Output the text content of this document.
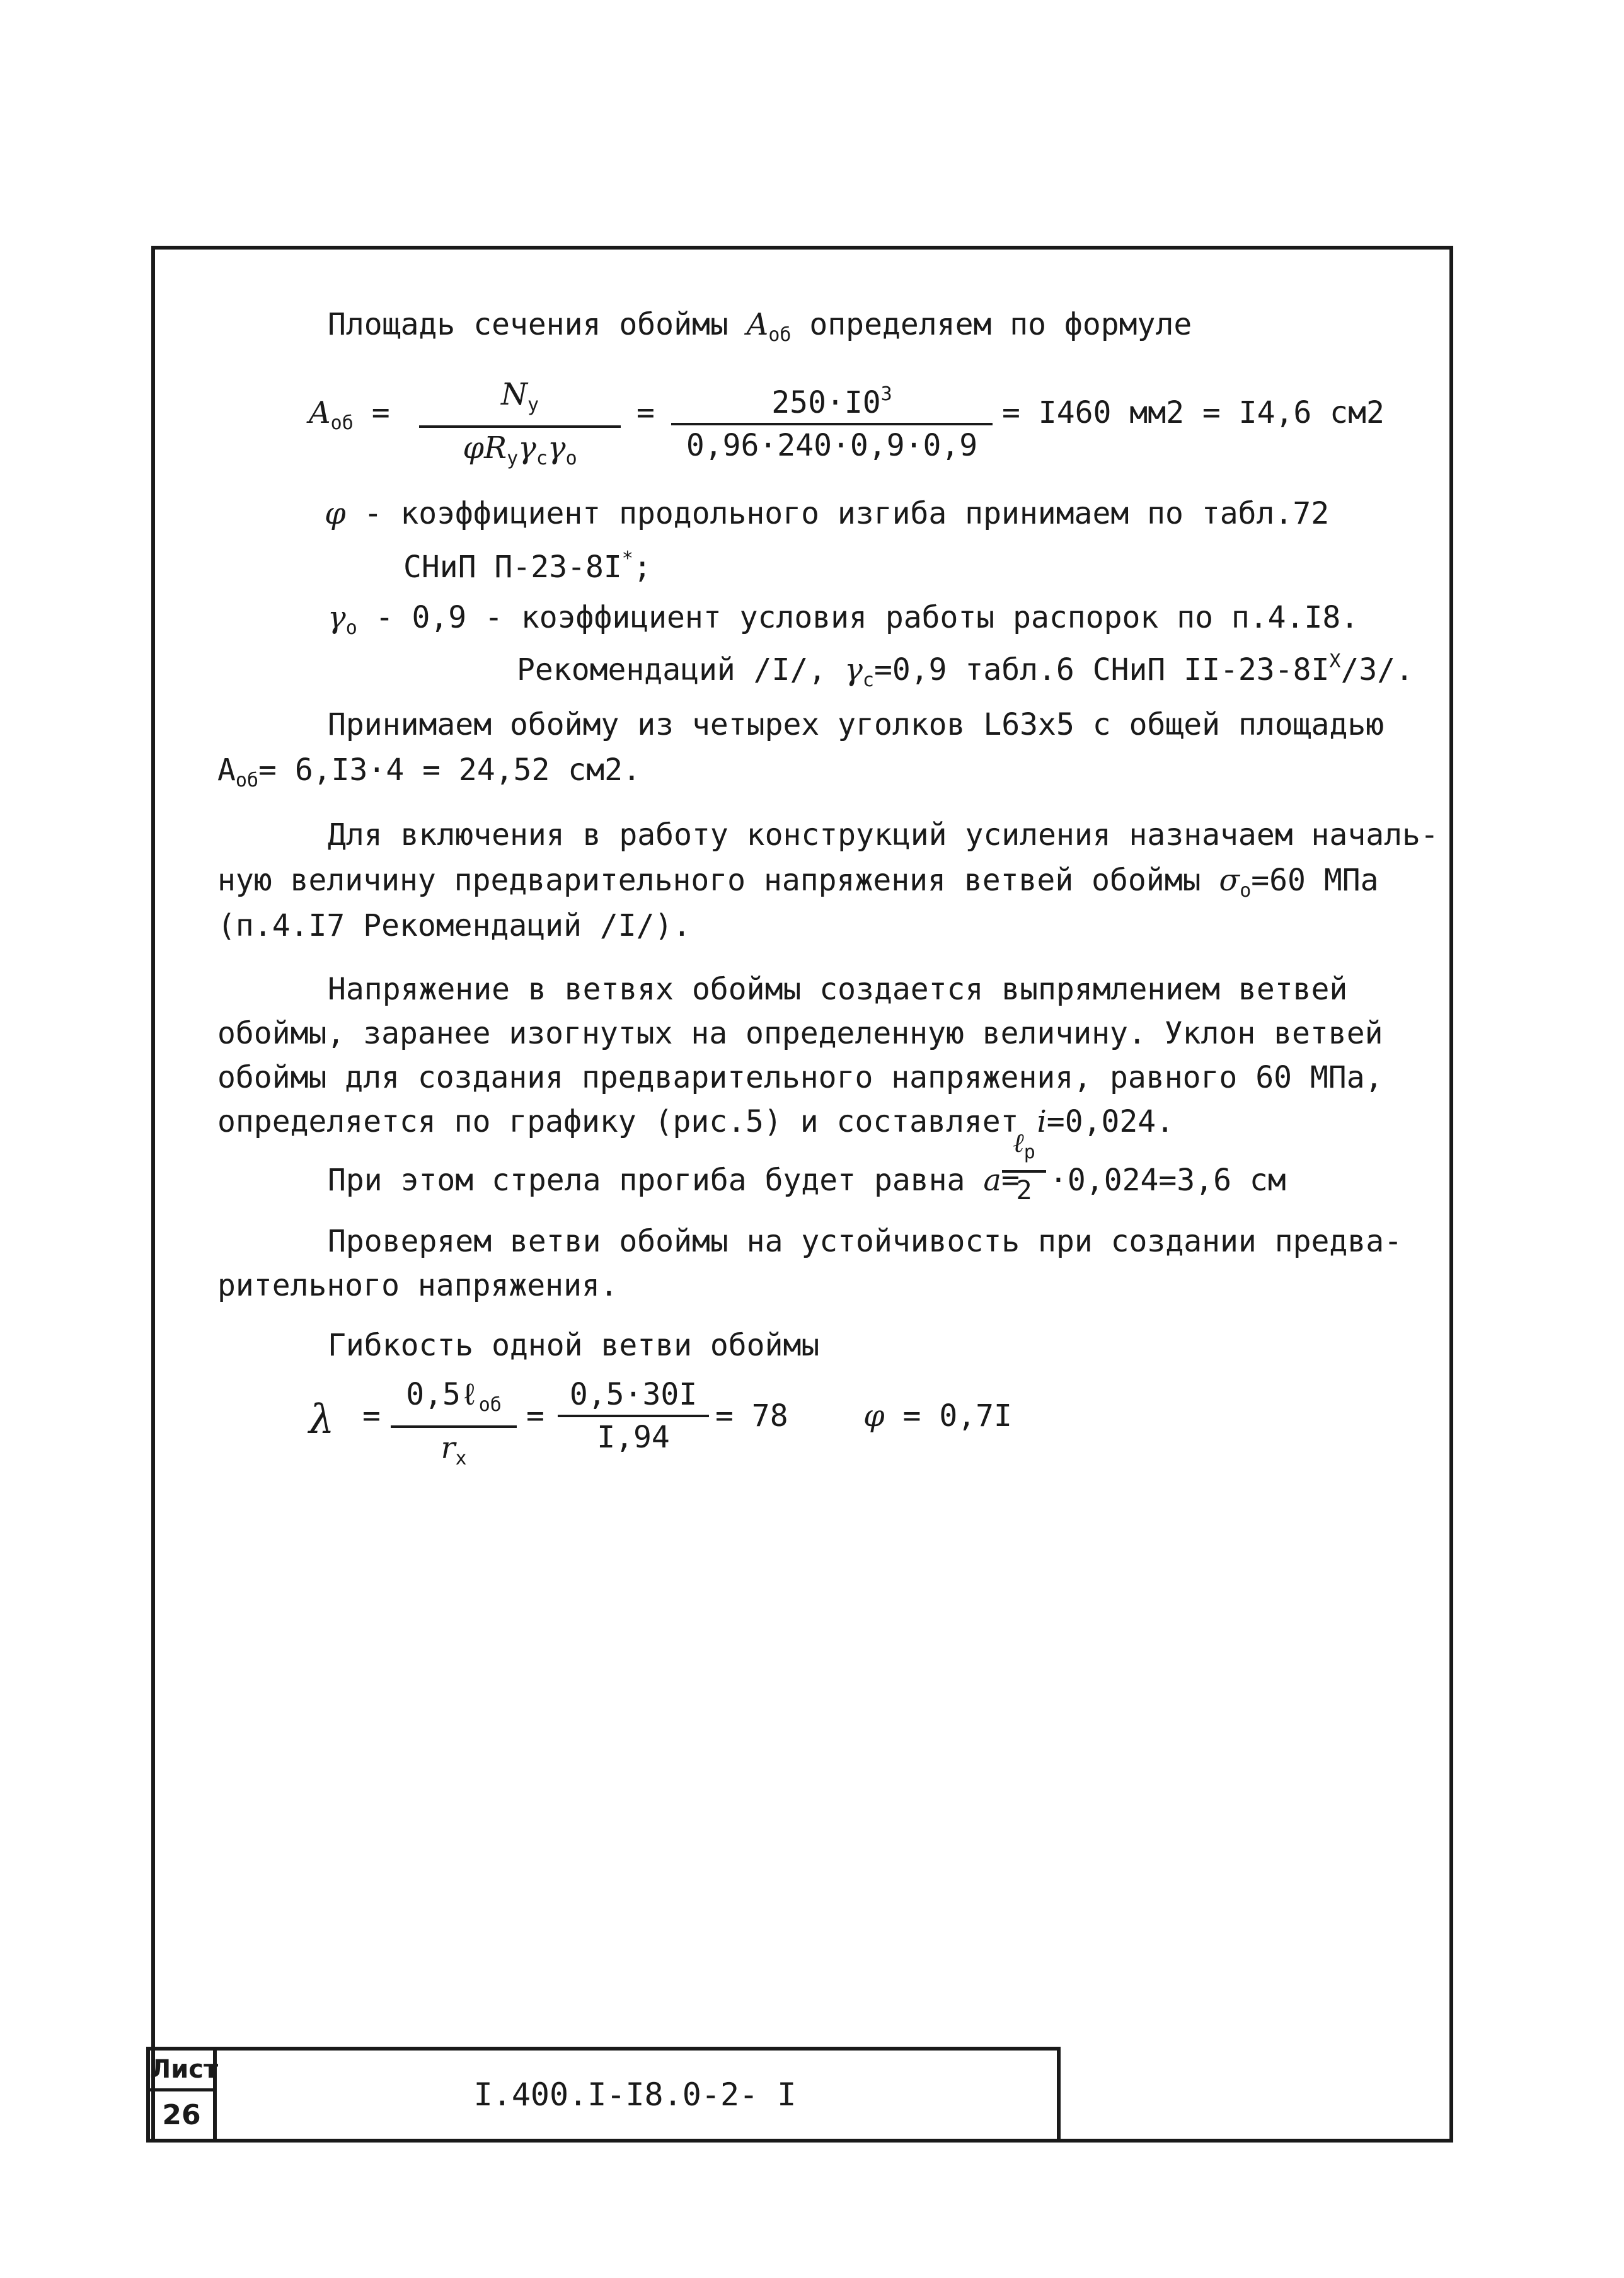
Площадь сечения обоймы $A_{об}$ определяем по формуле
$A_{об}$ =
$N_y$
$\varphi R_y\gamma_c\gamma_o$
= $\frac{250\cdot I0^3}{0,96\cdot 240\cdot 0,9\cdot 0,9} = I460$ мм2 = I4,6 см2
φ - коэффициент продольного изгиба принимаем по табл.72
СНиП П-23-8I*;
$\gamma_o - 0,9$ - коэффициент условия работы распорок по п.4.I8.
Рекомендаций /I/, $\gamma_c=0,9$ табл.6 СНиП $II-23-8I^X/3/$.
Принимаем обойму из четырех уголков L63x5 с общей площадью
$A_{об}= 6,I3\cdot 4 = 24,52$ см2.
Для включения в работу конструкций усиления назначаем началь-
ную величину предварительного напряжения ветвей обоймы $\sigma_o=60$ МПа
(п.4.I7 Рекомендаций /I/).
Напряжение в ветвях обоймы создается выпрямлением ветвей
обоймы, заранее изогнутых на определенную величину. Уклон ветвей
обоймы для создания предварительного напряжения, равного 60 МПа,
определяется по графику (рис.5) и составляет i=0,024.
При этом стрела прогиба будет равна a=
ℓ$_p$
2 ·0,024=3,6 см
Проверяем ветви обоймы на устойчивость при создании предва-
рительного напряжения.
Гибкость одной ветви обоймы
λ =
0,5ℓ$_{об}$
$r_x$
= $\frac{0,5\cdot 30I}{I,94} = 78$ φ = 0,7I
Лист
26
I.400.I-I8.0-2- I
